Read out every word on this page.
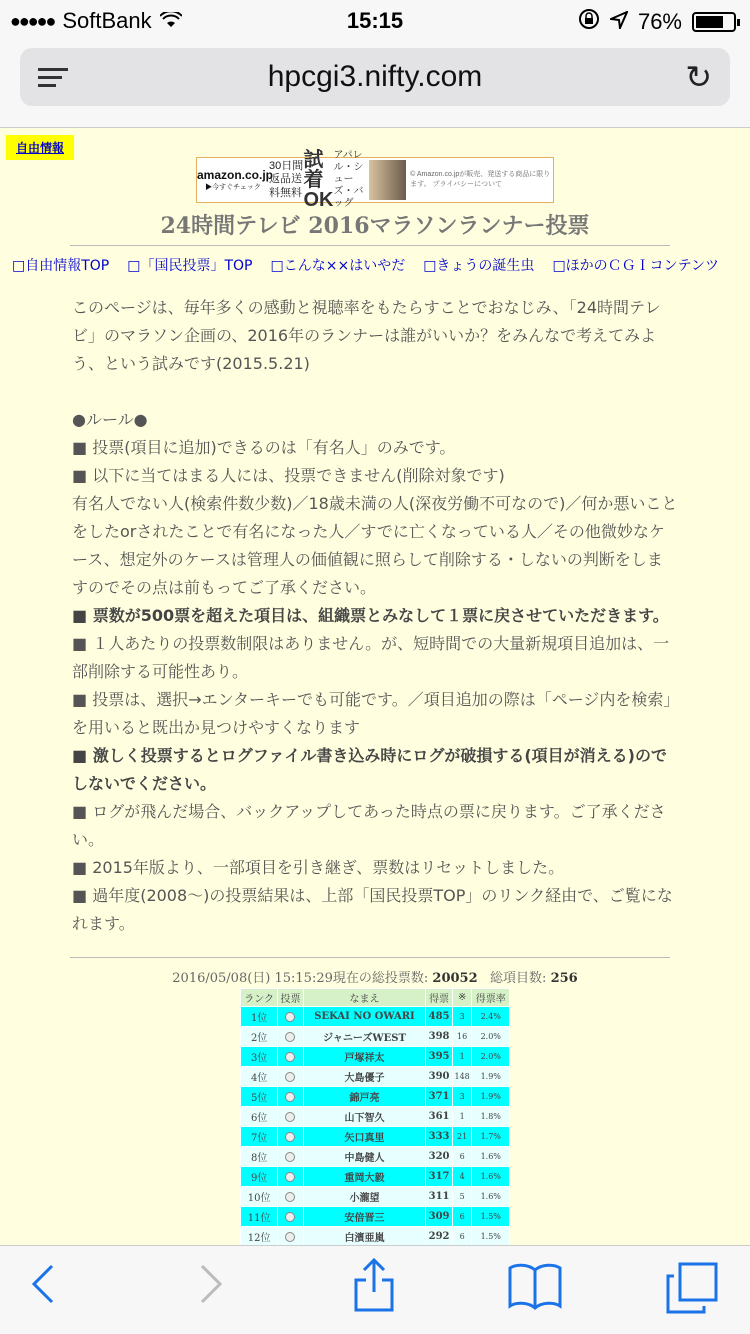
●●●●● SoftBank	15:15	76%
hpcgi3.nifty.com	↻
自由情報
amazon.co.jp
▶今すぐチェック
30日間 返品送料無料
試着 OK
アパレル・シューズ・バッグ
© Amazon.co.jpが販売、発送する商品に限ります。 プライバシーについて
24時間テレビ 2016マラソンランナー投票
□自由情報TOP □「国民投票」TOP □こんな××はいやだ □きょうの誕生虫 □ほかのＣＧＩコンテンツ

このページは、毎年多くの感動と視聴率をもたらすことでおなじみ、「24時間テレビ」のマラソン企画の、2016年のランナーは誰がいいか？をみんなで考えてみよう、という試みです(2015.5.21)

●ルール●

■ 投票(項目に追加)できるのは「有名人」のみです。

■ 以下に当てはまる人には、投票できません(削除対象です)

有名人でない人(検索件数少数)／18歳未満の人(深夜労働不可なので)／何か悪いことをしたorされたことで有名になった人／すでに亡くなっている人／その他微妙なケース、想定外のケースは管理人の価値観に照らして削除する・しないの判断をしますのでその点は前もってご了承ください。

■ 票数が500票を超えた項目は、組織票とみなして１票に戻させていただきます。

■ １人あたりの投票数制限はありません。が、短時間での大量新規項目追加は、一部削除する可能性あり。

■ 投票は、選択→エンターキーでも可能です。／項目追加の際は「ページ内を検索」を用いると既出か見つけやすくなります

■ 激しく投票するとログファイル書き込み時にログが破損する(項目が消える)のでしないでください。

■ ログが飛んだ場合、バックアップしてあった時点の票に戻ります。ご了承ください。

■ 2015年版より、一部項目を引き継ぎ、票数はリセットしました。

■ 過年度(2008〜)の投票結果は、上部「国民投票TOP」のリンク経由で、ご覧になれます。

2016/05/08(日) 15:15:29現在の総投票数: 20052 総項目数: 256
ランク	投票	なまえ	得票	※	得票率
1位		SEKAI NO OWARI	485	3	2.4%
2位		ジャニーズWEST	398	16	2.0%
3位		戸塚祥太	395	1	2.0%
4位		大島優子	390	148	1.9%
5位		錦戸亮	371	3	1.9%
6位		山下智久	361	1	1.8%
7位		矢口真里	333	21	1.7%
8位		中島健人	320	6	1.6%
9位		重岡大毅	317	4	1.6%
10位		小瀧望	311	5	1.6%
11位		安倍晋三	309	6	1.5%
12位		白濱亜嵐	292	6	1.5%
